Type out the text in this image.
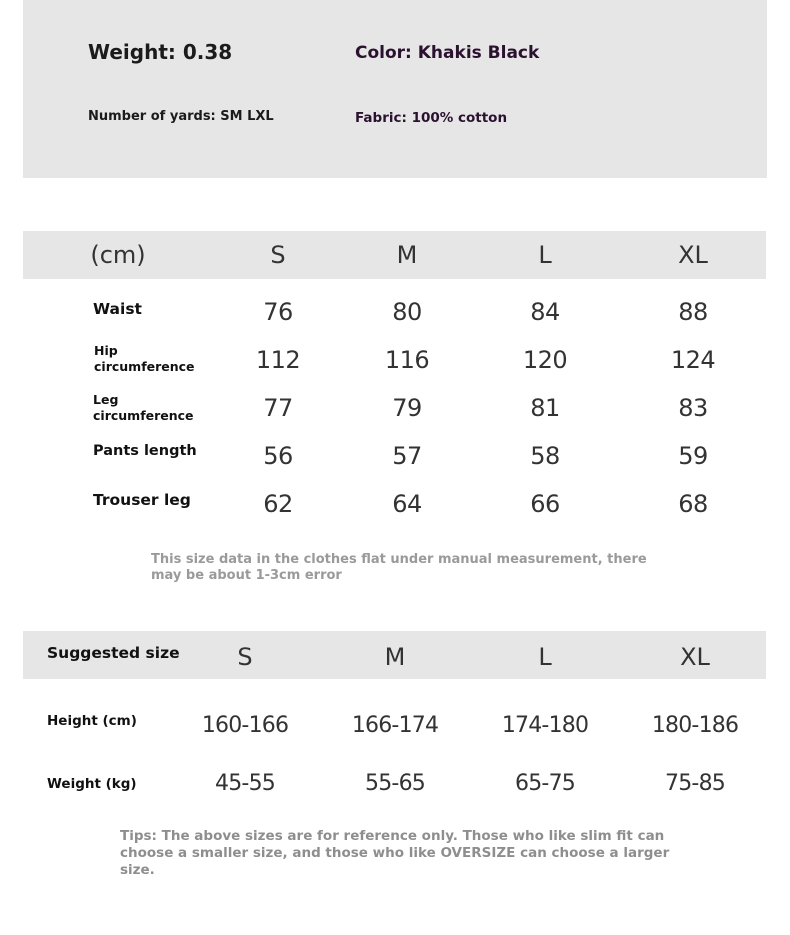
Weight: 0.38
Number of yards: SM LXL
Color: Khakis Black
Fabric: 100% cotton
(cm)	S	M	L	XL
Waist	76	80	84	88
Hip
circumference	112	116	120	124
Leg
circumference	77	79	81	83
Pants length	56	57	58	59
Trouser leg	62	64	66	68
This size data in the clothes flat under manual measurement, there may be about 1-3cm error
Suggested size S	M	L	XL
Height (cm)	160-166	166-174	174-180	180-186
Weight (kg)	45-55	55-65	65-75	75-85
Tips: The above sizes are for reference only. Those who like slim fit can choose a smaller size, and those who like OVERSIZE can choose a larger size.
